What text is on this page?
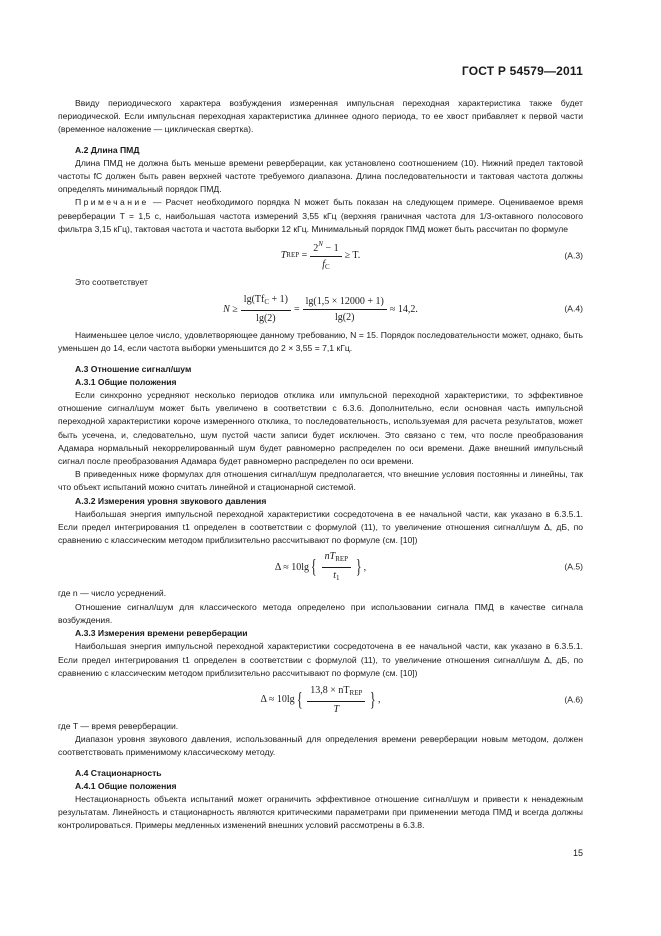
ГОСТ Р 54579—2011

Ввиду периодического характера возбуждения измеренная импульсная переходная характеристика также будет периодической. Если импульсная переходная характеристика длиннее одного периода, то ее хвост прибавляет к первой части (временное наложение — циклическая свертка).

А.2 Длина ПМД

Длина ПМД не должна быть меньше времени реверберации, как установлено соотношением (10). Нижний предел тактовой частоты fC должен быть равен верхней частоте требуемого диапазона. Длина последовательности и тактовая частота должны определять минимальный порядок ПМД.

Примечание — Расчет необходимого порядка N может быть показан на следующем примере. Оцениваемое время реверберации T = 1,5 с, наибольшая частота измерений 3,55 кГц (верхняя граничная частота для 1/3-октавного полосового фильтра 3,15 кГц), тактовая частота и частота выборки 12 кГц. Минимальный порядок ПМД может быть рассчитан по формуле

T REP
= $\frac{2^N - 1}{f_C} \ge T$.	(А.3)

Это соответствует

$N \ge \frac{\lg(Tf_C + 1)}{\lg(2)} = \frac{\lg(1,5 \times 12000 + 1)}{\lg(2)} \approx 14,2$.	(А.4)

Наименьшее целое число, удовлетворяющее данному требованию, N = 15. Порядок последовательности может, однако, быть уменьшен до 14, если частота выборки уменьшится до 2 × 3,55 = 7,1 кГц.

А.3 Отношение сигнал/шум

А.3.1 Общие положения

Если синхронно усредняют несколько периодов отклика или импульсной переходной характеристики, то эффективное отношение сигнал/шум может быть увеличено в соответствии с 6.3.6. Дополнительно, если основная часть импульсной переходной характеристики короче измеренного отклика, то последовательность, используемая для расчета результатов, может быть усечена, и, следовательно, шум пустой части записи будет исключен. Это связано с тем, что после преобразования Адамара нормальный некоррелированный шум будет равномерно распределен по оси времени. Даже внешний импульсный сигнал после преобразования Адамара будет равномерно распределен по оси времени.

В приведенных ниже формулах для отношения сигнал/шум предполагается, что внешние условия постоянны и линейны, так что объект испытаний можно считать линейной и стационарной системой.

А.3.2 Измерения уровня звукового давления

Наибольшая энергия импульсной переходной характеристики сосредоточена в ее начальной части, как указано в 6.3.5.1. Если предел интегрирования t1 определен в соответствии с формулой (11), то увеличение отношения сигнал/шум Δ, дБ, по сравнению с классическим методом приблизительно рассчитывают по формуле (см. [10])

Δ ≈ 10lg { $\frac{nT_{REP}}{t_1}$ } ,	(А.5)

где n — число усреднений.

Отношение сигнал/шум для классического метода определено при использовании сигнала ПМД в качестве сигнала возбуждения.

А.3.3 Измерения времени реверберации

Наибольшая энергия импульсной переходной характеристики сосредоточена в ее начальной части, как указано в 6.3.5.1. Если предел интегрирования t1 определен в соответствии с формулой (11), то увеличение отношения сигнал/шум Δ, дБ, по сравнению с классическим методом приблизительно рассчитывают по формуле (см. [10])

Δ ≈ 10lg { $\frac{13,8 \times nT_{REP}}{T}$ } ,	(А.6)

где T — время реверберации.

Диапазон уровня звукового давления, использованный для определения времени реверберации новым методом, должен соответствовать применимому классическому методу.

А.4 Стационарность

А.4.1 Общие положения

Нестационарность объекта испытаний может ограничить эффективное отношение сигнал/шум и привести к ненадежным результатам. Линейность и стационарность являются критическими параметрами при применении метода ПМД и всегда должны контролироваться. Примеры медленных изменений внешних условий рассмотрены в 6.3.8.

15
